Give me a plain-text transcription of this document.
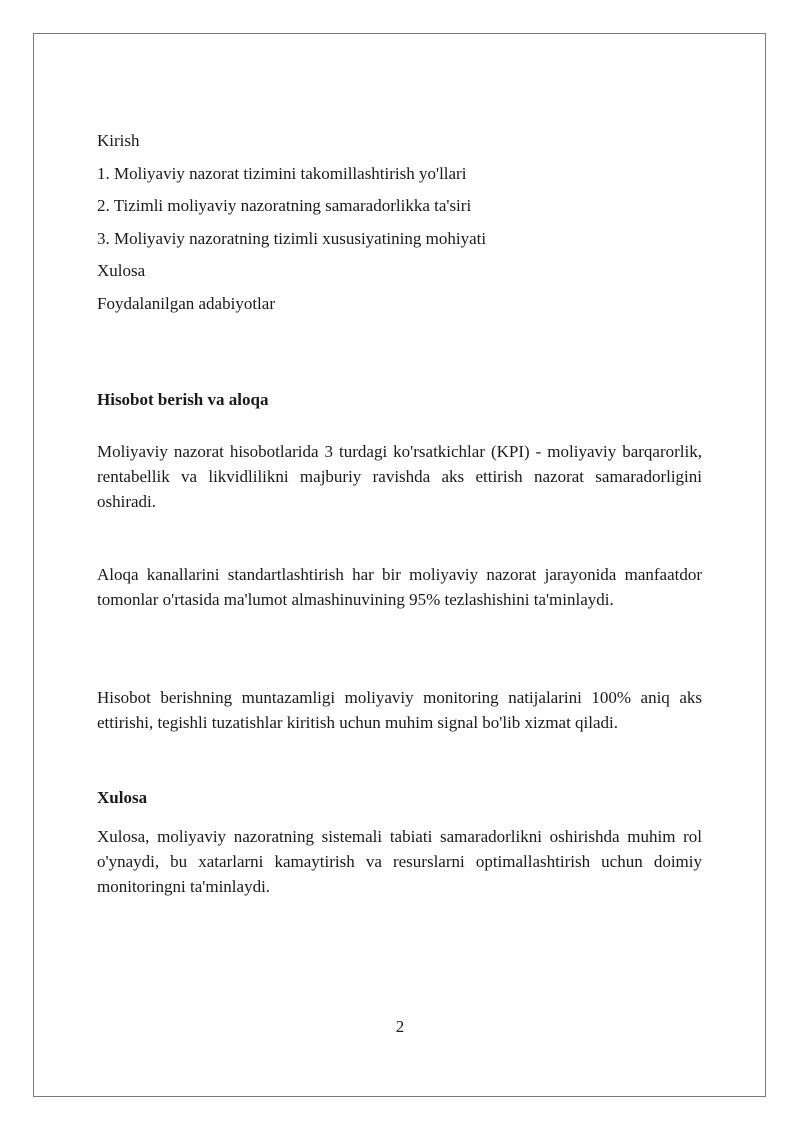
Kirish

1. Moliyaviy nazorat tizimini takomillashtirish yo'llari

2. Tizimli moliyaviy nazoratning samaradorlikka ta'siri

3. Moliyaviy nazoratning tizimli xususiyatining mohiyati

Xulosa

Foydalanilgan adabiyotlar

Hisobot berish va aloqa

Moliyaviy nazorat hisobotlarida 3 turdagi ko'rsatkichlar (KPI) - moliyaviy barqarorlik, rentabellik va likvidlilikni majburiy ravishda aks ettirish nazorat samaradorligini oshiradi.

Aloqa kanallarini standartlashtirish har bir moliyaviy nazorat jarayonida manfaatdor tomonlar o'rtasida ma'lumot almashinuvining 95% tezlashishini ta'minlaydi.

Hisobot berishning muntazamligi moliyaviy monitoring natijalarini 100% aniq aks ettirishi, tegishli tuzatishlar kiritish uchun muhim signal bo'lib xizmat qiladi.

Xulosa

Xulosa, moliyaviy nazoratning sistemali tabiati samaradorlikni oshirishda muhim rol o'ynaydi, bu xatarlarni kamaytirish va resurslarni optimallashtirish uchun doimiy monitoringni ta'minlaydi.

2
